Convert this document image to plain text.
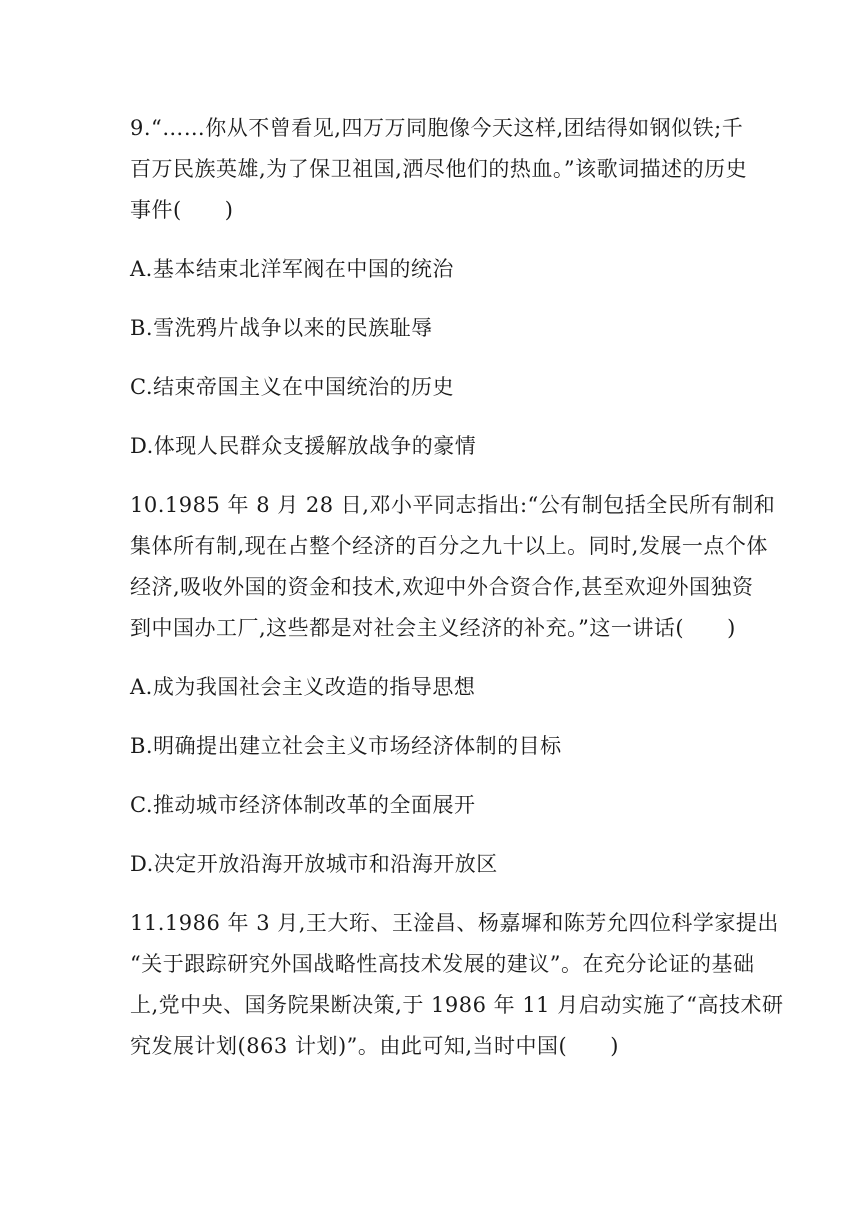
9.“……你从不曾看见,四万万同胞像今天这样,团结得如钢似铁;千
百万民族英雄,为了保卫祖国,洒尽他们的热血。”该歌词描述的历史
事件(　　)

A.基本结束北洋军阀在中国的统治

B.雪洗鸦片战争以来的民族耻辱

C.结束帝国主义在中国统治的历史

D.体现人民群众支援解放战争的豪情

10.1985 年 8 月 28 日,邓小平同志指出:“公有制包括全民所有制和
集体所有制,现在占整个经济的百分之九十以上。同时,发展一点个体
经济,吸收外国的资金和技术,欢迎中外合资合作,甚至欢迎外国独资
到中国办工厂,这些都是对社会主义经济的补充。”这一讲话(　　)

A.成为我国社会主义改造的指导思想

B.明确提出建立社会主义市场经济体制的目标

C.推动城市经济体制改革的全面展开

D.决定开放沿海开放城市和沿海开放区

11.1986 年 3 月,王大珩、王淦昌、杨嘉墀和陈芳允四位科学家提出
“关于跟踪研究外国战略性高技术发展的建议”。在充分论证的基础
上,党中央、国务院果断决策,于 1986 年 11 月启动实施了“高技术研
究发展计划(863 计划)”。由此可知,当时中国(　　)
